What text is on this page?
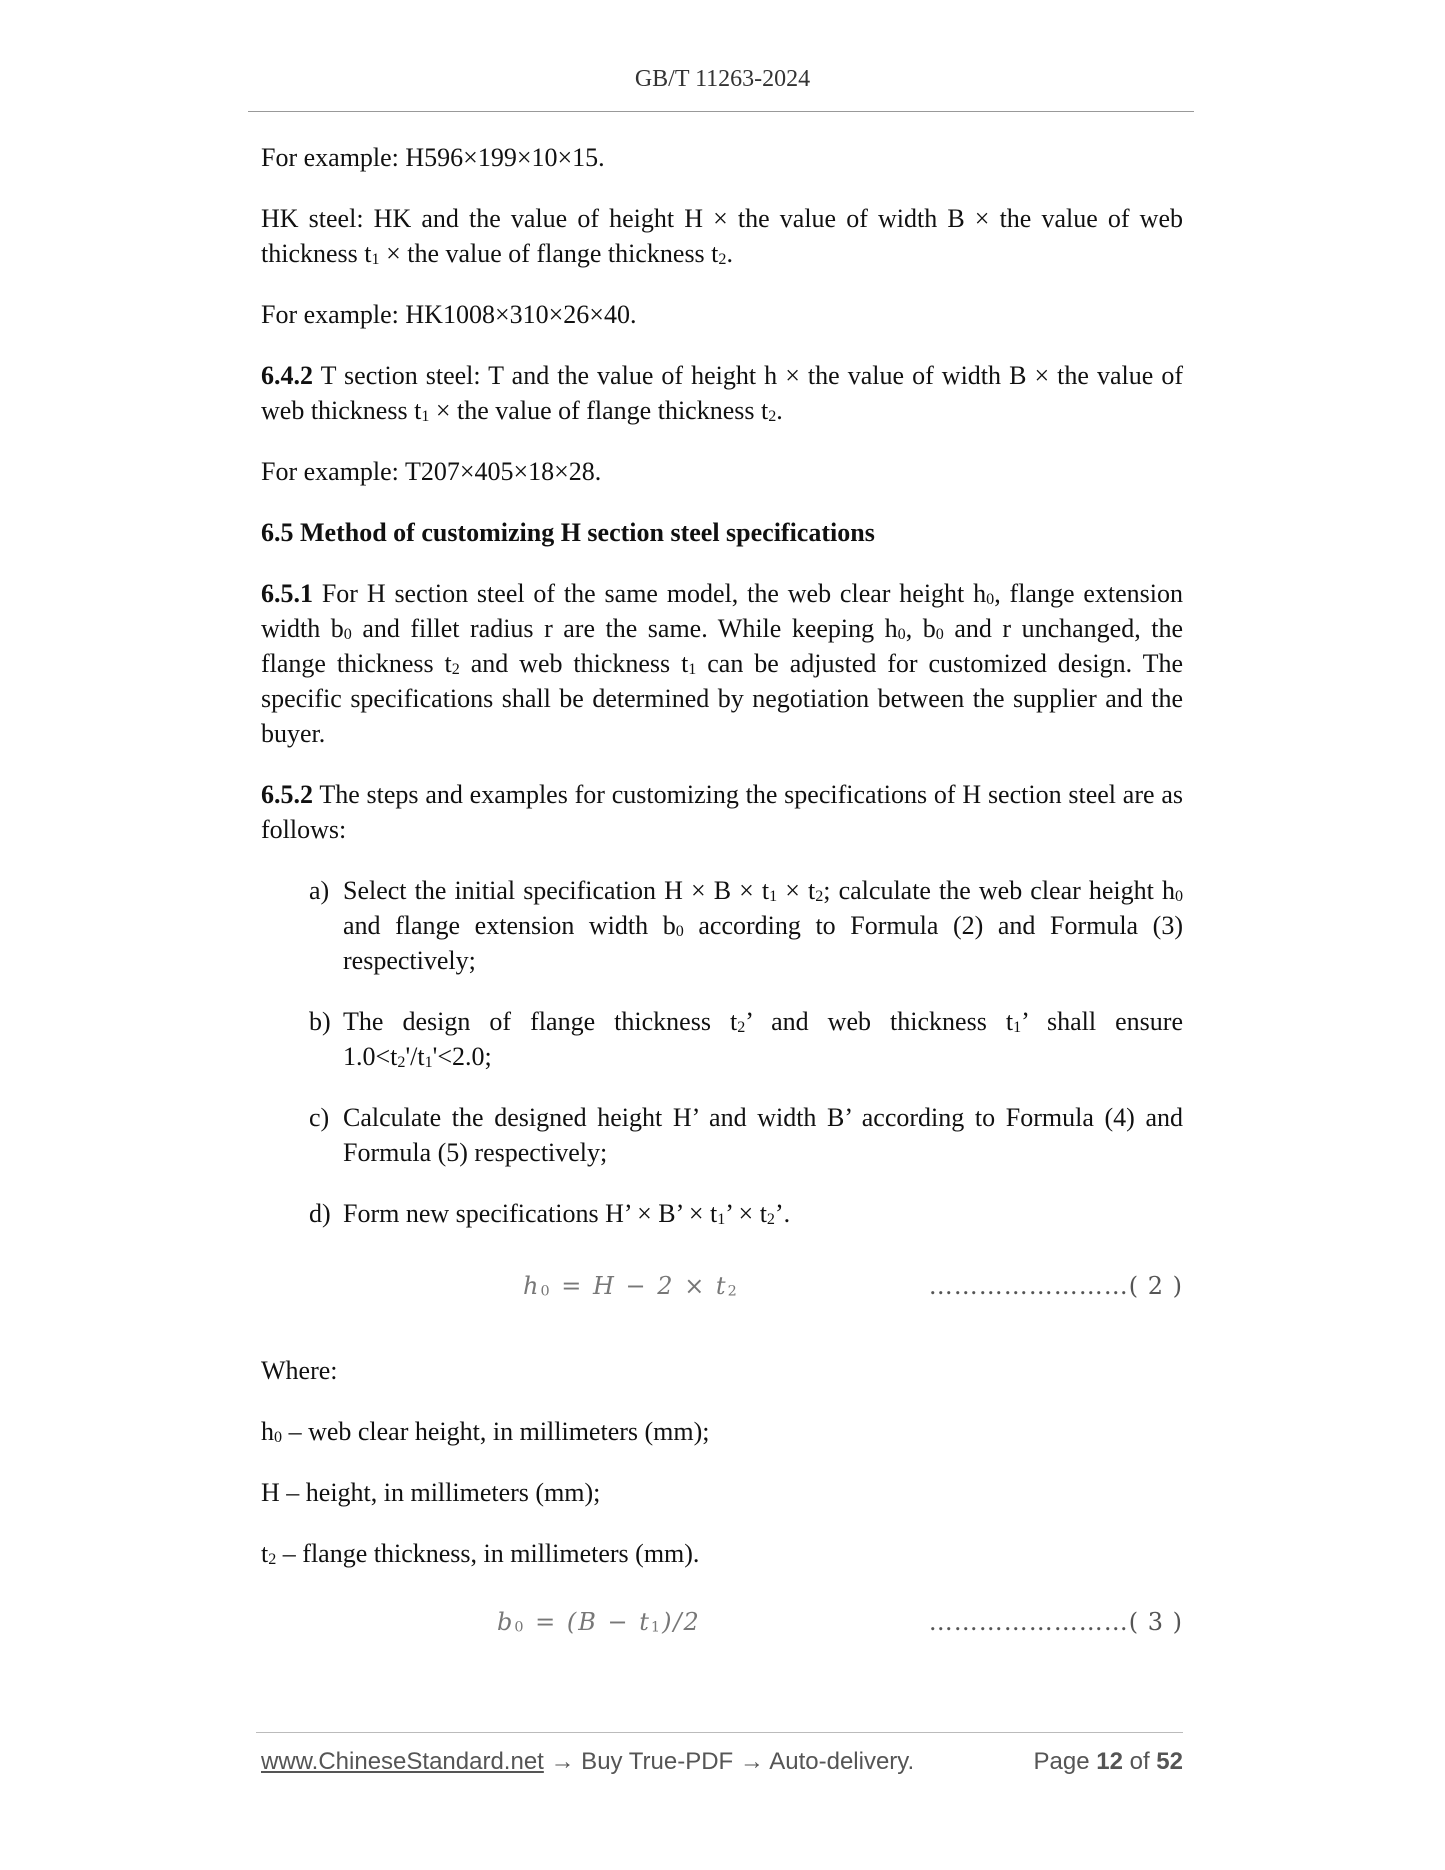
GB/T 11263-2024

For example: H596×199×10×15.

HK steel: HK and the value of height H × the value of width B × the value of web thickness $t_1$ × the value of flange thickness $t_2$.

For example: HK1008×310×26×40.

6.4.2 T section steel: T and the value of height h × the value of width B × the value of web thickness $t_1$ × the value of flange thickness $t_2$.

For example: T207×405×18×28.

6.5 Method of customizing H section steel specifications

6.5.1 For H section steel of the same model, the web clear height $h_0$, flange extension width $b_0$ and fillet radius r are the same. While keeping $h_0$, $b_0$ and r unchanged, the flange thickness $t_2$ and web thickness $t_1$ can be adjusted for customized design. The specific specifications shall be determined by negotiation between the supplier and the buyer.

6.5.2 The steps and examples for customizing the specifications of H section steel are as follows:

a) Select the initial specification $H \times B \times t_1 \times t_2$; calculate the web clear height $h_0$ and flange extension width $b_0$ according to Formula (2) and Formula (3) respectively;
b) The design of flange thickness $t_2$’ and web thickness $t_1$’ shall ensure $1.0<t_2'/t_1'<2.0$;
c) Calculate the designed height H’ and width B’ according to Formula (4) and Formula (5) respectively;
d) Form new specifications H’ × B’ × $t_1$’ × $t_2$’.
$h_0 = H - 2 \times t_2$	……………………( 2 )

Where:

$h_0$ – web clear height, in millimeters (mm);

H – height, in millimeters (mm);

$t_2$ – flange thickness, in millimeters (mm).

$b_0 = (B - t_1)/2$	……………………( 3 )
www.ChineseStandard.net → Buy True-PDF → Auto-delivery.	Page 12 of 52
